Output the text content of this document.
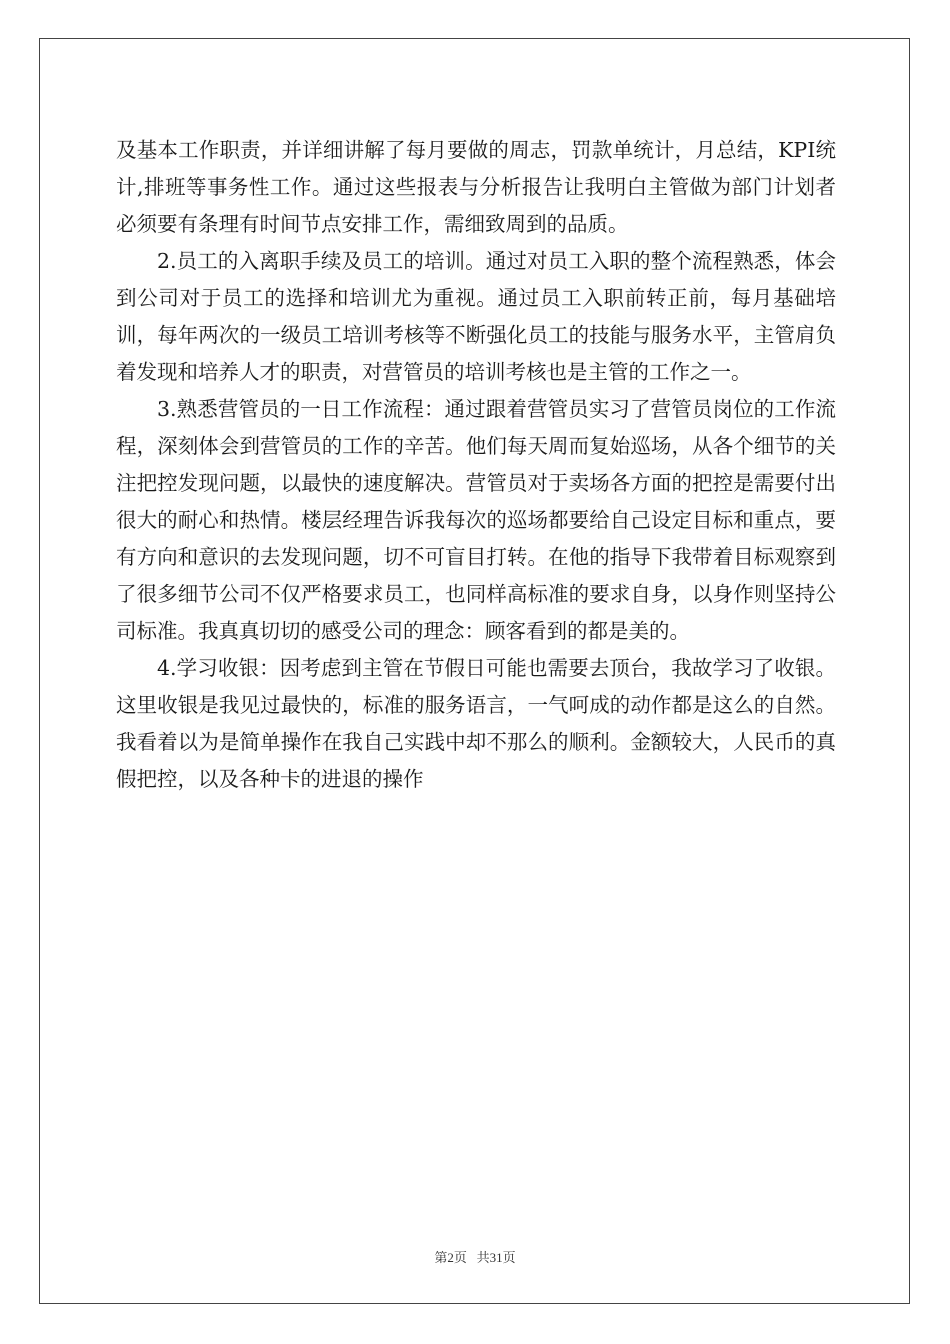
及基本工作职责，并详细讲解了每月要做的周志，罚款单统计，月总结，KPI统计,排班等事务性工作。通过这些报表与分析报告让我明白主管做为部门计划者必须要有条理有时间节点安排工作，需细致周到的品质。

2.员工的入离职手续及员工的培训。通过对员工入职的整个流程熟悉，体会到公司对于员工的选择和培训尤为重视。通过员工入职前转正前，每月基础培训，每年两次的一级员工培训考核等不断强化员工的技能与服务水平，主管肩负着发现和培养人才的职责，对营管员的培训考核也是主管的工作之一。

3.熟悉营管员的一日工作流程：通过跟着营管员实习了营管员岗位的工作流程，深刻体会到营管员的工作的辛苦。他们每天周而复始巡场，从各个细节的关注把控发现问题，以最快的速度解决。营管员对于卖场各方面的把控是需要付出很大的耐心和热情。楼层经理告诉我每次的巡场都要给自己设定目标和重点，要有方向和意识的去发现问题，切不可盲目打转。在他的指导下我带着目标观察到了很多细节公司不仅严格要求员工，也同样高标准的要求自身，以身作则坚持公司标准。我真真切切的感受公司的理念：顾客看到的都是美的。

4.学习收银：因考虑到主管在节假日可能也需要去顶台，我故学习了收银。这里收银是我见过最快的，标准的服务语言，一气呵成的动作都是这么的自然。我看着以为是简单操作在我自己实践中却不那么的顺利。金额较大，人民币的真假把控，以及各种卡的进退的操作

第2页   共31页
